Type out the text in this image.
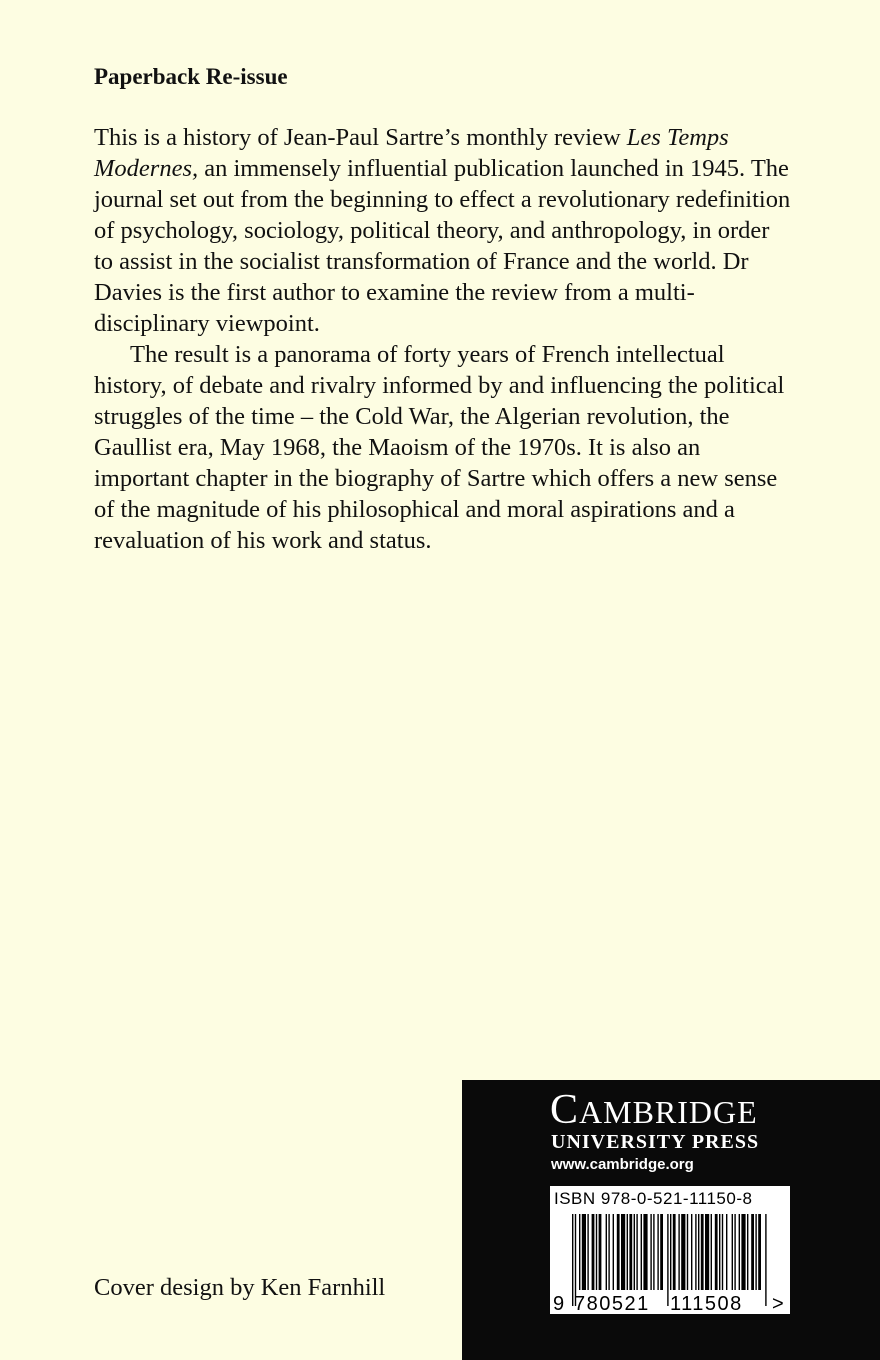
Paperback Re-issue

This is a history of Jean-Paul Sartre’s monthly review Les Temps Modernes, an immensely influential publication launched in 1945. The journal set out from the beginning to effect a revolutionary redefinition of psychology, sociology, political theory, and anthropology, in order to assist in the socialist transformation of France and the world. Dr Davies is the first author to examine the review from a multi-disciplinary viewpoint.

The result is a panorama of forty years of French intellectual history, of debate and rivalry informed by and influencing the political struggles of the time – the Cold War, the Algerian revolution, the Gaullist era, May 1968, the Maoism of the 1970s. It is also an important chapter in the biography of Sartre which offers a new sense of the magnitude of his philosophical and moral aspirations and a revaluation of his work and status.

Cover design by Ken Farnhill

CAMBRIDGE
UNIVERSITY PRESS
www.cambridge.org
ISBN 978-0-521-11150-8
9 780521 111508 >
